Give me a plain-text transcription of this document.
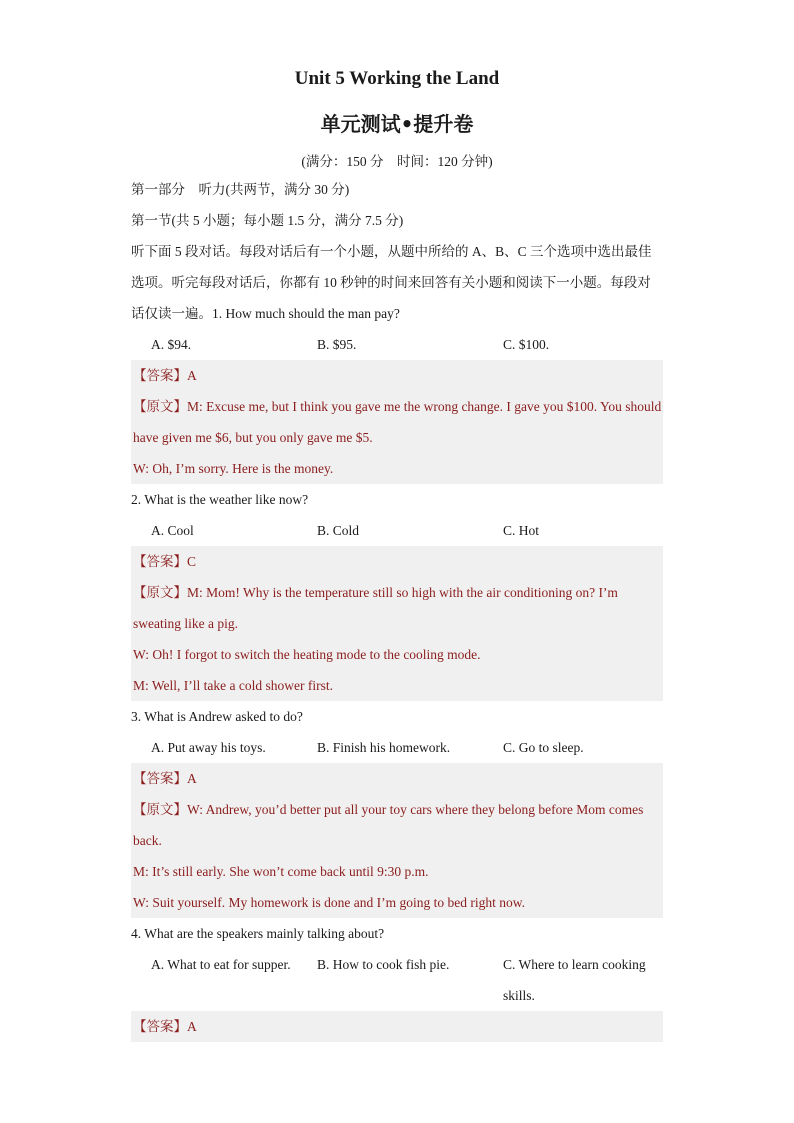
Unit 5 Working the Land
单元测试•提升卷
(满分：150 分　时间：120 分钟)
第一部分　听力(共两节，满分 30 分)
第一节(共 5 小题；每小题 1.5 分，满分 7.5 分)
听下面 5 段对话。每段对话后有一个小题，从题中所给的 A、B、C 三个选项中选出最佳选项。听完每段对话后，你都有 10 秒钟的时间来回答有关小题和阅读下一小题。每段对话仅读一遍。1. How much should the man pay?
A. $94.	B. $95.	C. $100.
【答案】A
【原文】M: Excuse me, but I think you gave me the wrong change. I gave you $100. You should have given me $6, but you only gave me $5.
W: Oh, I’m sorry. Here is the money.
2. What is the weather like now?
A. Cool	B. Cold	C. Hot
【答案】C
【原文】M: Mom! Why is the temperature still so high with the air conditioning on? I’m sweating like a pig.
W: Oh! I forgot to switch the heating mode to the cooling mode.
M: Well, I’ll take a cold shower first.
3. What is Andrew asked to do?
A. Put away his toys.	B. Finish his homework.	C. Go to sleep.
【答案】A
【原文】W: Andrew, you’d better put all your toy cars where they belong before Mom comes back.
M: It’s still early. She won’t come back until 9:30 p.m.
W: Suit yourself. My homework is done and I’m going to bed right now.
4. What are the speakers mainly talking about?
A. What to eat for supper. B. How to cook fish pie.	C. Where to learn cooking skills.
【答案】A
